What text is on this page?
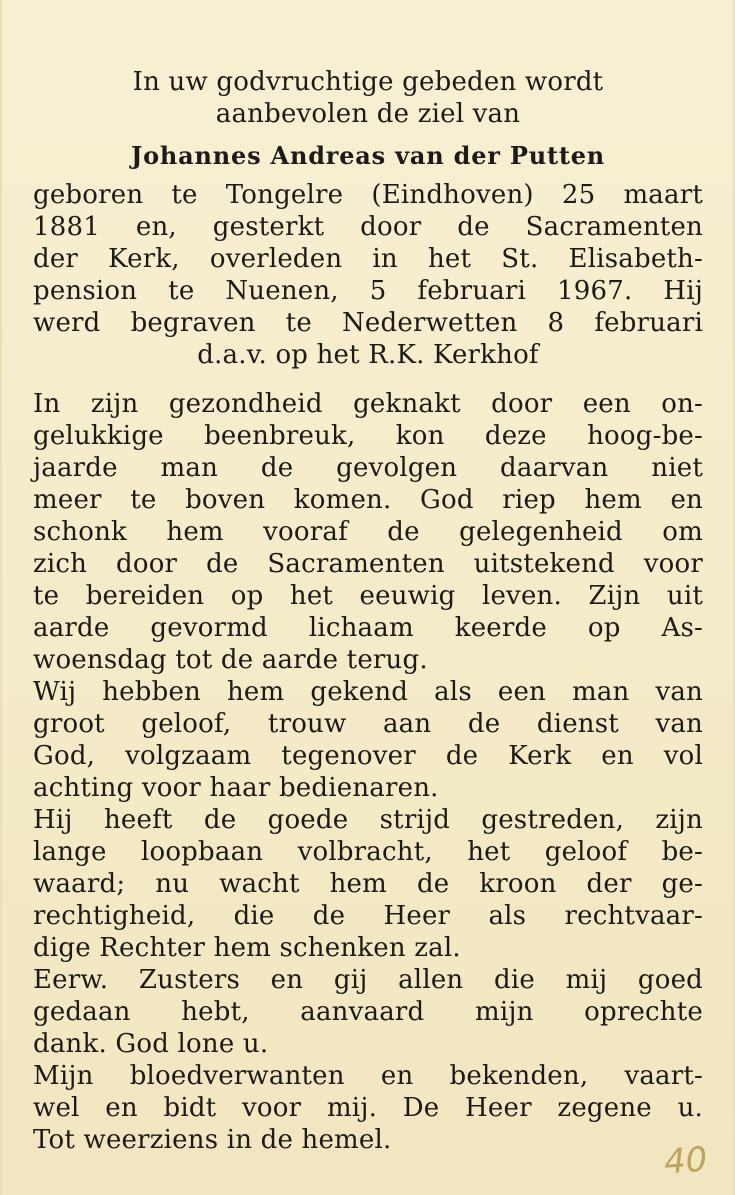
In uw godvruchtige gebeden wordt
aanbevolen de ziel van
Johannes Andreas van der Putten
geboren te Tongelre (Eindhoven) 25 maart
1881 en, gesterkt door de Sacramenten
der Kerk, overleden in het St. Elisabeth-
pension te Nuenen, 5 februari 1967. Hij
werd begraven te Nederwetten 8 februari
d.a.v. op het R.K. Kerkhof
In zijn gezondheid geknakt door een on-
gelukkige beenbreuk, kon deze hoog-be-
jaarde man de gevolgen daarvan niet
meer te boven komen. God riep hem en
schonk hem vooraf de gelegenheid om
zich door de Sacramenten uitstekend voor
te bereiden op het eeuwig leven. Zijn uit
aarde gevormd lichaam keerde op As-
woensdag tot de aarde terug.
Wij hebben hem gekend als een man van
groot geloof, trouw aan de dienst van
God, volgzaam tegenover de Kerk en vol
achting voor haar bedienaren.
Hij heeft de goede strijd gestreden, zijn
lange loopbaan volbracht, het geloof be-
waard; nu wacht hem de kroon der ge-
rechtigheid, die de Heer als rechtvaar-
dige Rechter hem schenken zal.
Eerw. Zusters en gij allen die mij goed
gedaan hebt, aanvaard mijn oprechte
dank. God lone u.
Mijn bloedverwanten en bekenden, vaart-
wel en bidt voor mij. De Heer zegene u.
Tot weerziens in de hemel.	40
